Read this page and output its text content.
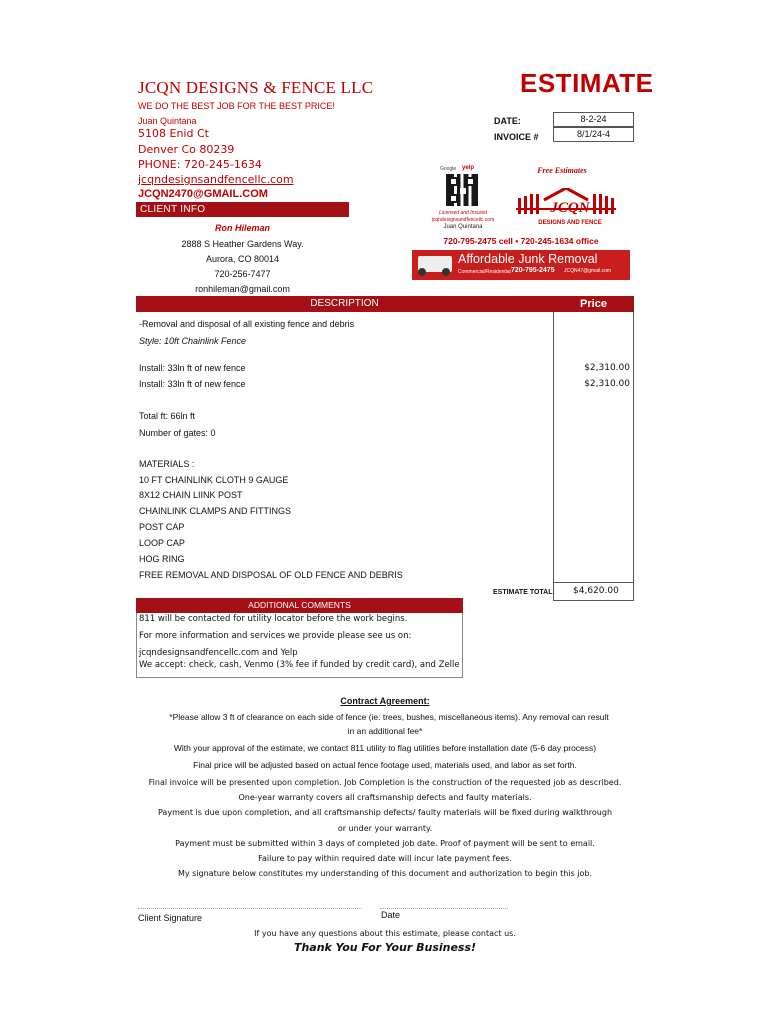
JCQN DESIGNS & FENCE LLC
WE DO THE BEST JOB FOR THE BEST PRICE!
Juan Quintana
5108 Enid Ct
Denver Co 80239
PHONE: 720-245-1634
jcqndesignsandfencellc.com
JCQN2470@GMAIL.COM
ESTIMATE
DATE:	8-2-24
INVOICE #	8/1/24-4
CLIENT INFO
Ron Hileman
2888 S Heather Gardens Way.
Aurora, CO 80014
720-256-7477
ronhileman@gmail.com
Google yelp
Licensed and Insured
jcqndesignsandfencellc.com
Juan Quintana
Free Estimates
JCQN
DESIGNS AND FENCE
720-795-2475 cell • 720-245-1634 office
Affordable Junk Removal
Commercial/Residential 720-795-2475 JCQN47@gmail.com
DESCRIPTION	Price
-Removal and disposal of all existing fence and debris
Style: 10ft Chainlink Fence
Install: 33ln ft of new fence	$2,310.00
Install: 33ln ft of new fence	$2,310.00
Total ft: 66ln ft
Number of gates: 0
MATERIALS :
10 FT CHAINLINK CLOTH 9 GAUGE
8X12 CHAIN LIINK POST
CHAINLINK CLAMPS AND FITTINGS
POST CAP
LOOP CAP
HOG RING
FREE REMOVAL AND DISPOSAL OF OLD FENCE AND DEBRIS
ESTIMATE TOTAL:	$4,620.00
ADDITIONAL COMMENTS
811 will be contacted for utility locator before the work begins.
For more information and services we provide please see us on:
jcqndesignsandfencellc.com and Yelp
We accept: check, cash, Venmo (3% fee if funded by credit card), and Zelle
Contract Agreement:
*Please allow 3 ft of clearance on each side of fence (ie: trees, bushes, miscellaneous items). Any removal can result
in an additional fee*
With your approval of the estimate, we contact 811 utility to flag utilities before installation date (5-6 day process)
Final price will be adjusted based on actual fence footage used, materials used, and labor as set forth.
Final invoice will be presented upon completion. Job Completion is the construction of the requested job as described.
One-year warranty covers all craftsmanship defects and faulty materials.
Payment is due upon completion, and all craftsmanship defects/ faulty materials will be fixed during walkthrough
or under your warranty.
Payment must be submitted within 3 days of completed job date. Proof of payment will be sent to email.
Failure to pay within required date will incur late payment fees.
My signature below constitutes my understanding of this document and authorization to begin this job.
Client Signature	Date
If you have any questions about this estimate, please contact us.
Thank You For Your Business!
